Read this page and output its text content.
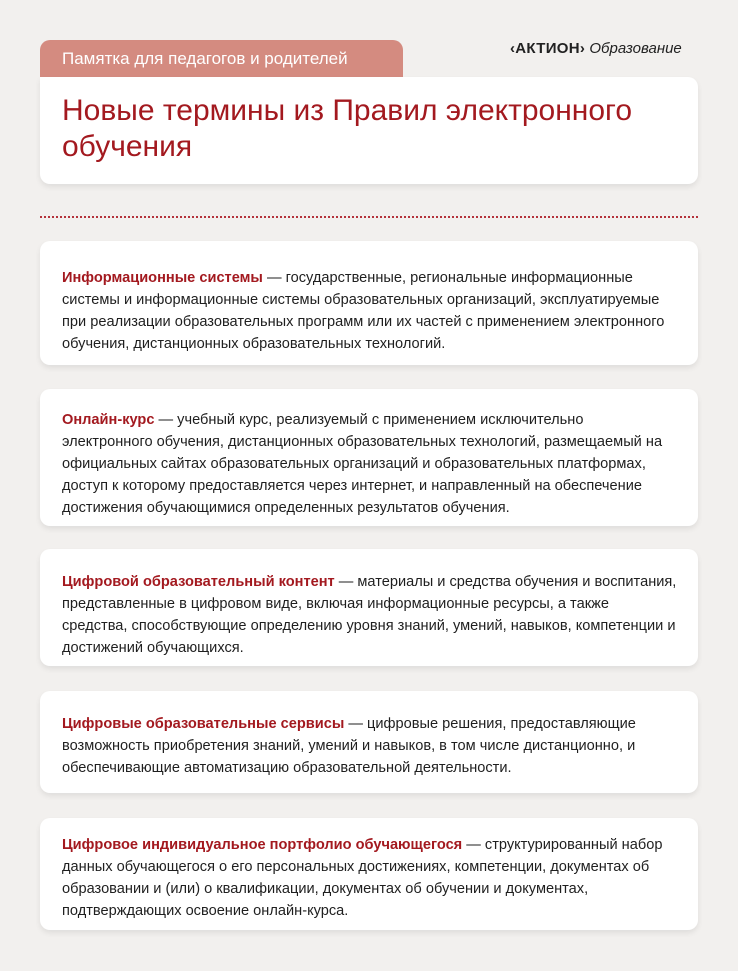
Памятка для педагогов и родителей
‹АКТИОН› Образование
Новые термины из Правил электронного обучения

Информационные системы — государственные, региональные информационные системы и информационные системы образовательных организаций, эксплуатируемые при реализации образовательных программ или их частей с применением электронного обучения, дистанционных образовательных технологий.

Онлайн-курс — учебный курс, реализуемый с применением исключительно электронного обучения, дистанционных образовательных технологий, размещаемый на официальных сайтах образовательных организаций и образовательных платформах, доступ к которому предоставляется через интернет, и направленный на обеспечение достижения обучающимися определенных результатов обучения.

Цифровой образовательный контент — материалы и средства обучения и воспитания, представленные в цифровом виде, включая информационные ресурсы, а также средства, способствующие определению уровня знаний, умений, навыков, компетенции и достижений обучающихся.

Цифровые образовательные сервисы — цифровые решения, предоставляющие возможность приобретения знаний, умений и навыков, в том числе дистанционно, и обеспечивающие автоматизацию образовательной деятельности.

Цифровое индивидуальное портфолио обучающегося — структурированный набор данных обучающегося о его персональных достижениях, компетенции, документах об образовании и (или) о квалификации, документах об обучении и документах, подтверждающих освоение онлайн-курса.
